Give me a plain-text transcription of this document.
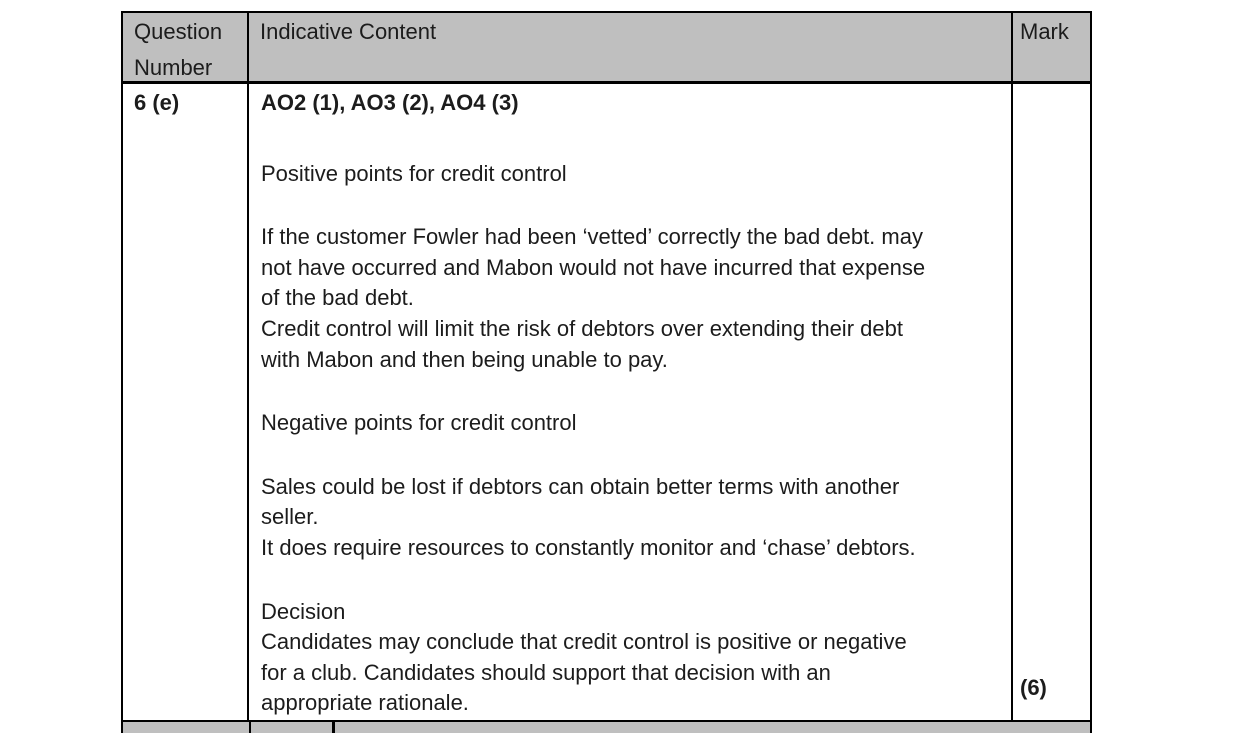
Question
Number
Indicative Content	Mark
6 (e)	AO2 (1), AO3 (2), AO4 (3)
Positive points for credit control
If the customer Fowler had been ‘vetted’ correctly the bad debt. may
not have occurred and Mabon would not have incurred that expense
of the bad debt.
Credit control will limit the risk of debtors over extending their debt
with Mabon and then being unable to pay.
Negative points for credit control
Sales could be lost if debtors can obtain better terms with another
seller.
It does require resources to constantly monitor and ‘chase’ debtors.
Decision
Candidates may conclude that credit control is positive or negative
for a club. Candidates should support that decision with an
appropriate rationale.
(6)
